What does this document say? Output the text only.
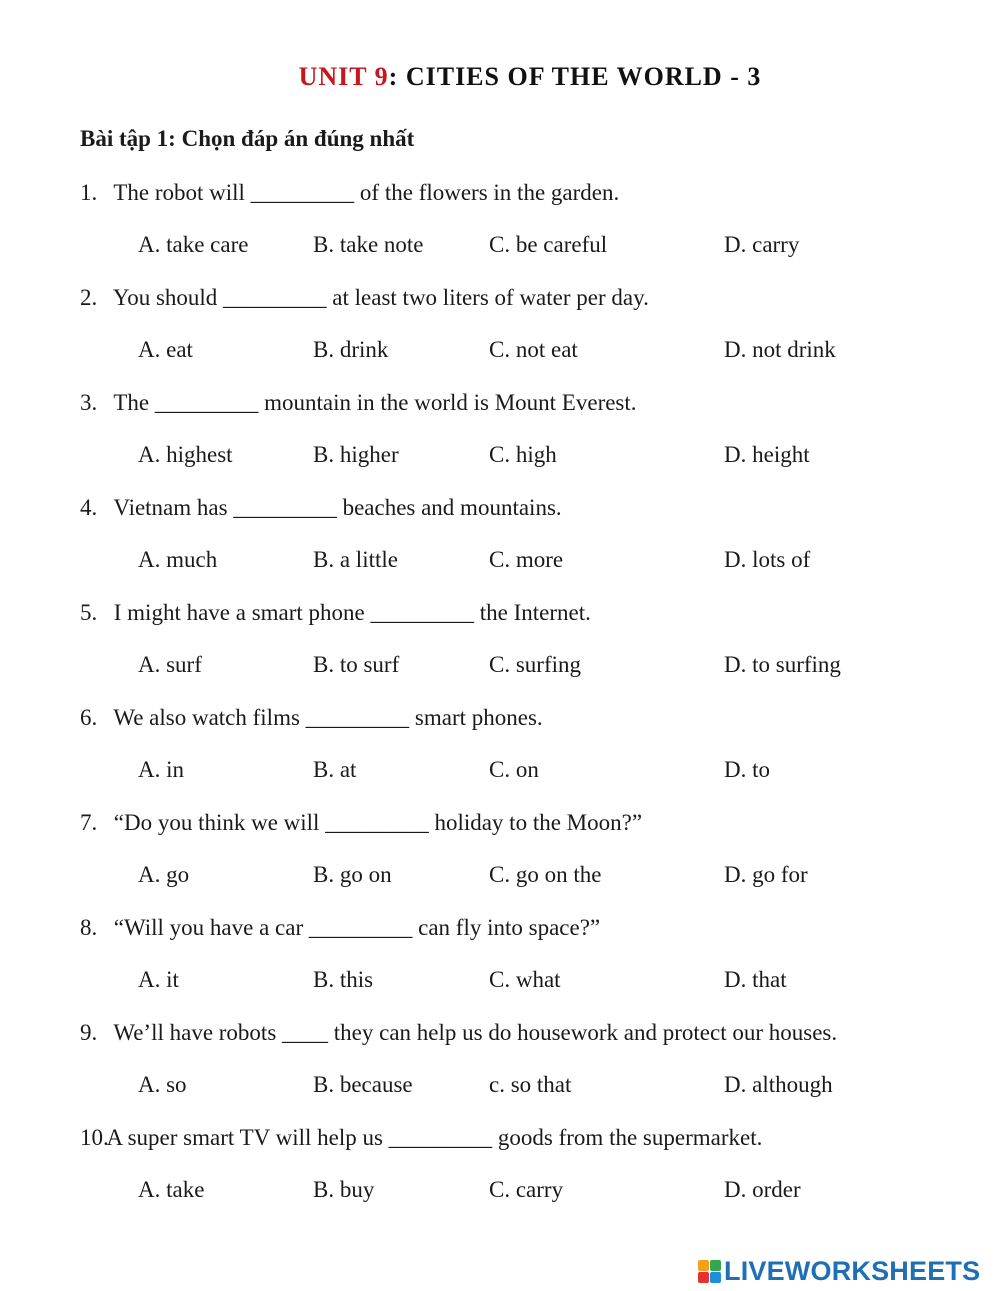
UNIT 9: CITIES OF THE WORLD - 3
Bài tập 1: Chọn đáp án đúng nhất
1. The robot will _________ of the flowers in the garden.
A. take care	B. take note	C. be careful	D. carry
2. You should _________ at least two liters of water per day.
A. eat	B. drink	C. not eat	D. not drink
3. The _________ mountain in the world is Mount Everest.
A. highest	B. higher	C. high	D. height
4. Vietnam has _________ beaches and mountains.
A. much	B. a little	C. more	D. lots of
5. I might have a smart phone _________ the Internet.
A. surf	B. to surf	C. surfing	D. to surfing
6. We also watch films _________ smart phones.
A. in	B. at	C. on	D. to
7. “Do you think we will _________ holiday to the Moon?”
A. go	B. go on	C. go on the	D. go for
8. “Will you have a car _________ can fly into space?”
A. it	B. this	C. what	D. that
9. We’ll have robots ____ they can help us do housework and protect our houses.
A. so	B. because	c. so that	D. although
10. A super smart TV will help us _________ goods from the supermarket.
A. take	B. buy	C. carry	D. order
LIVEWORKSHEETS
